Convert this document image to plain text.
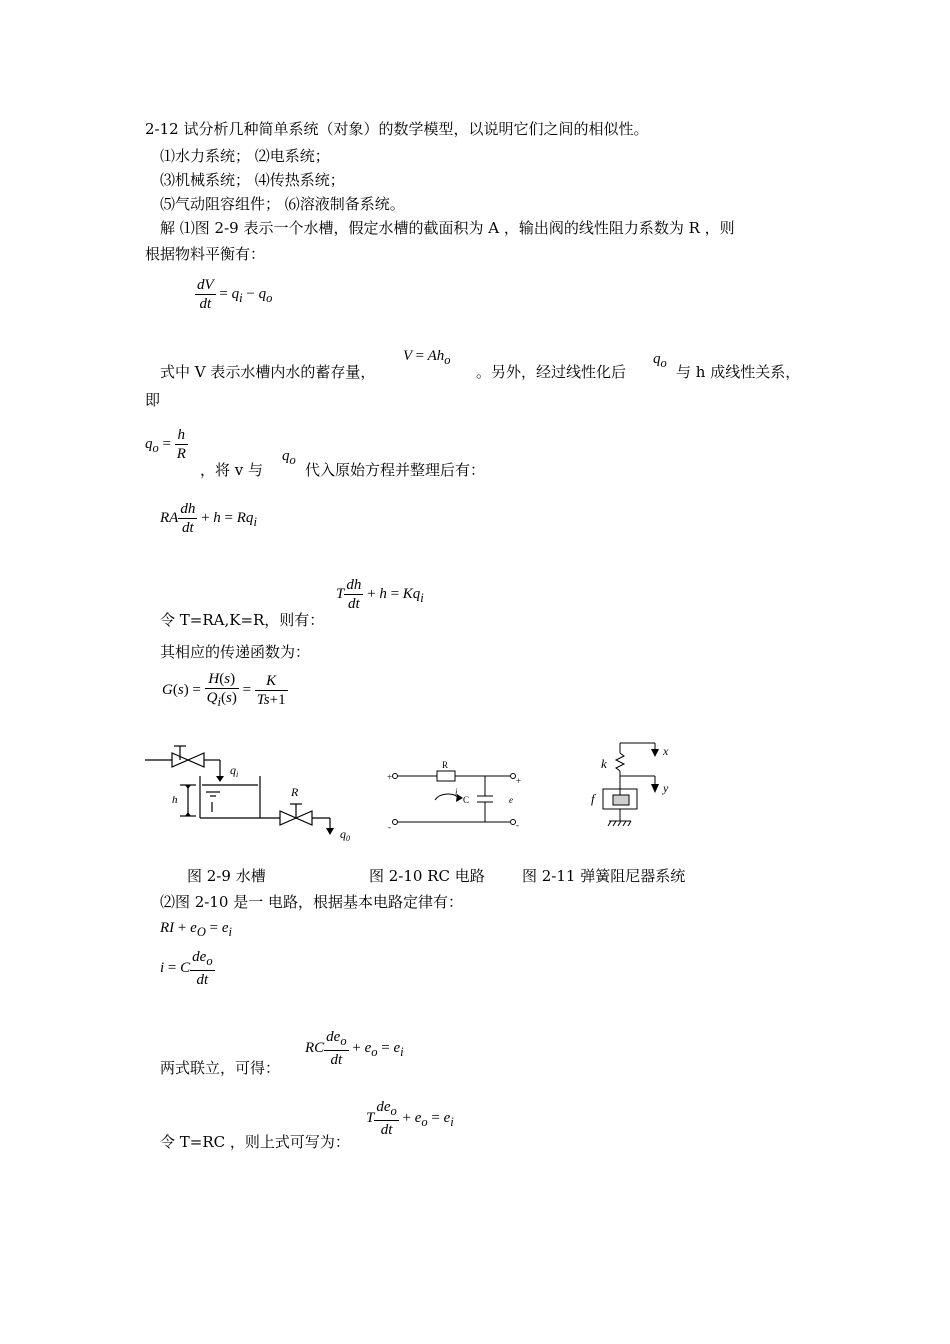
2-12 试分析几种简单系统（对象）的数学模型，以说明它们之间的相似性。
⑴水力系统； ⑵电系统；
⑶机械系统； ⑷传热系统；
⑸气动阻容组件； ⑹溶液制备系统。
解 ⑴图 2-9 表示一个水槽，假定水槽的截面积为 A ，输出阀的线性阻力系数为 R ，则
根据物料平衡有：
$\frac{dV}{dt} = q_i - q_o$
式中 V 表示水槽内水的蓄存量，
$V = Ah_o$
。另外，经过线性化后
$q_o$ 与 h 成线性关系，
即
$q_o = \frac{h}{R}$
，将 v 与
$q_o$
代入原始方程并整理后有：
RA $\frac{dh}{dt} + h = Rq_i$
T $\frac{dh}{dt} + h = Kq_i$
令 T=RA,K=R，则有：
其相应的传递函数为：
$G(s) = \frac{H(s)}{Q_i(s)} = \frac{K}{Ts+1}$
$q_i$
h
R
$q_0$
R
i
C	e
+	+
-	-
x
y
k
f
图 2-9 水槽	图 2-10 RC 电路 图 2-11 弹簧阻尼器系统
⑵图 2-10 是一 电路，根据基本电路定律有：
RI + $e_O = e_i$
i = C $\frac{de_o}{dt}$
RC $\frac{de_o}{dt} + e_o = e_i$
两式联立，可得：
T $\frac{de_o}{dt} + e_o = e_i$
令 T=RC ，则上式可写为：
